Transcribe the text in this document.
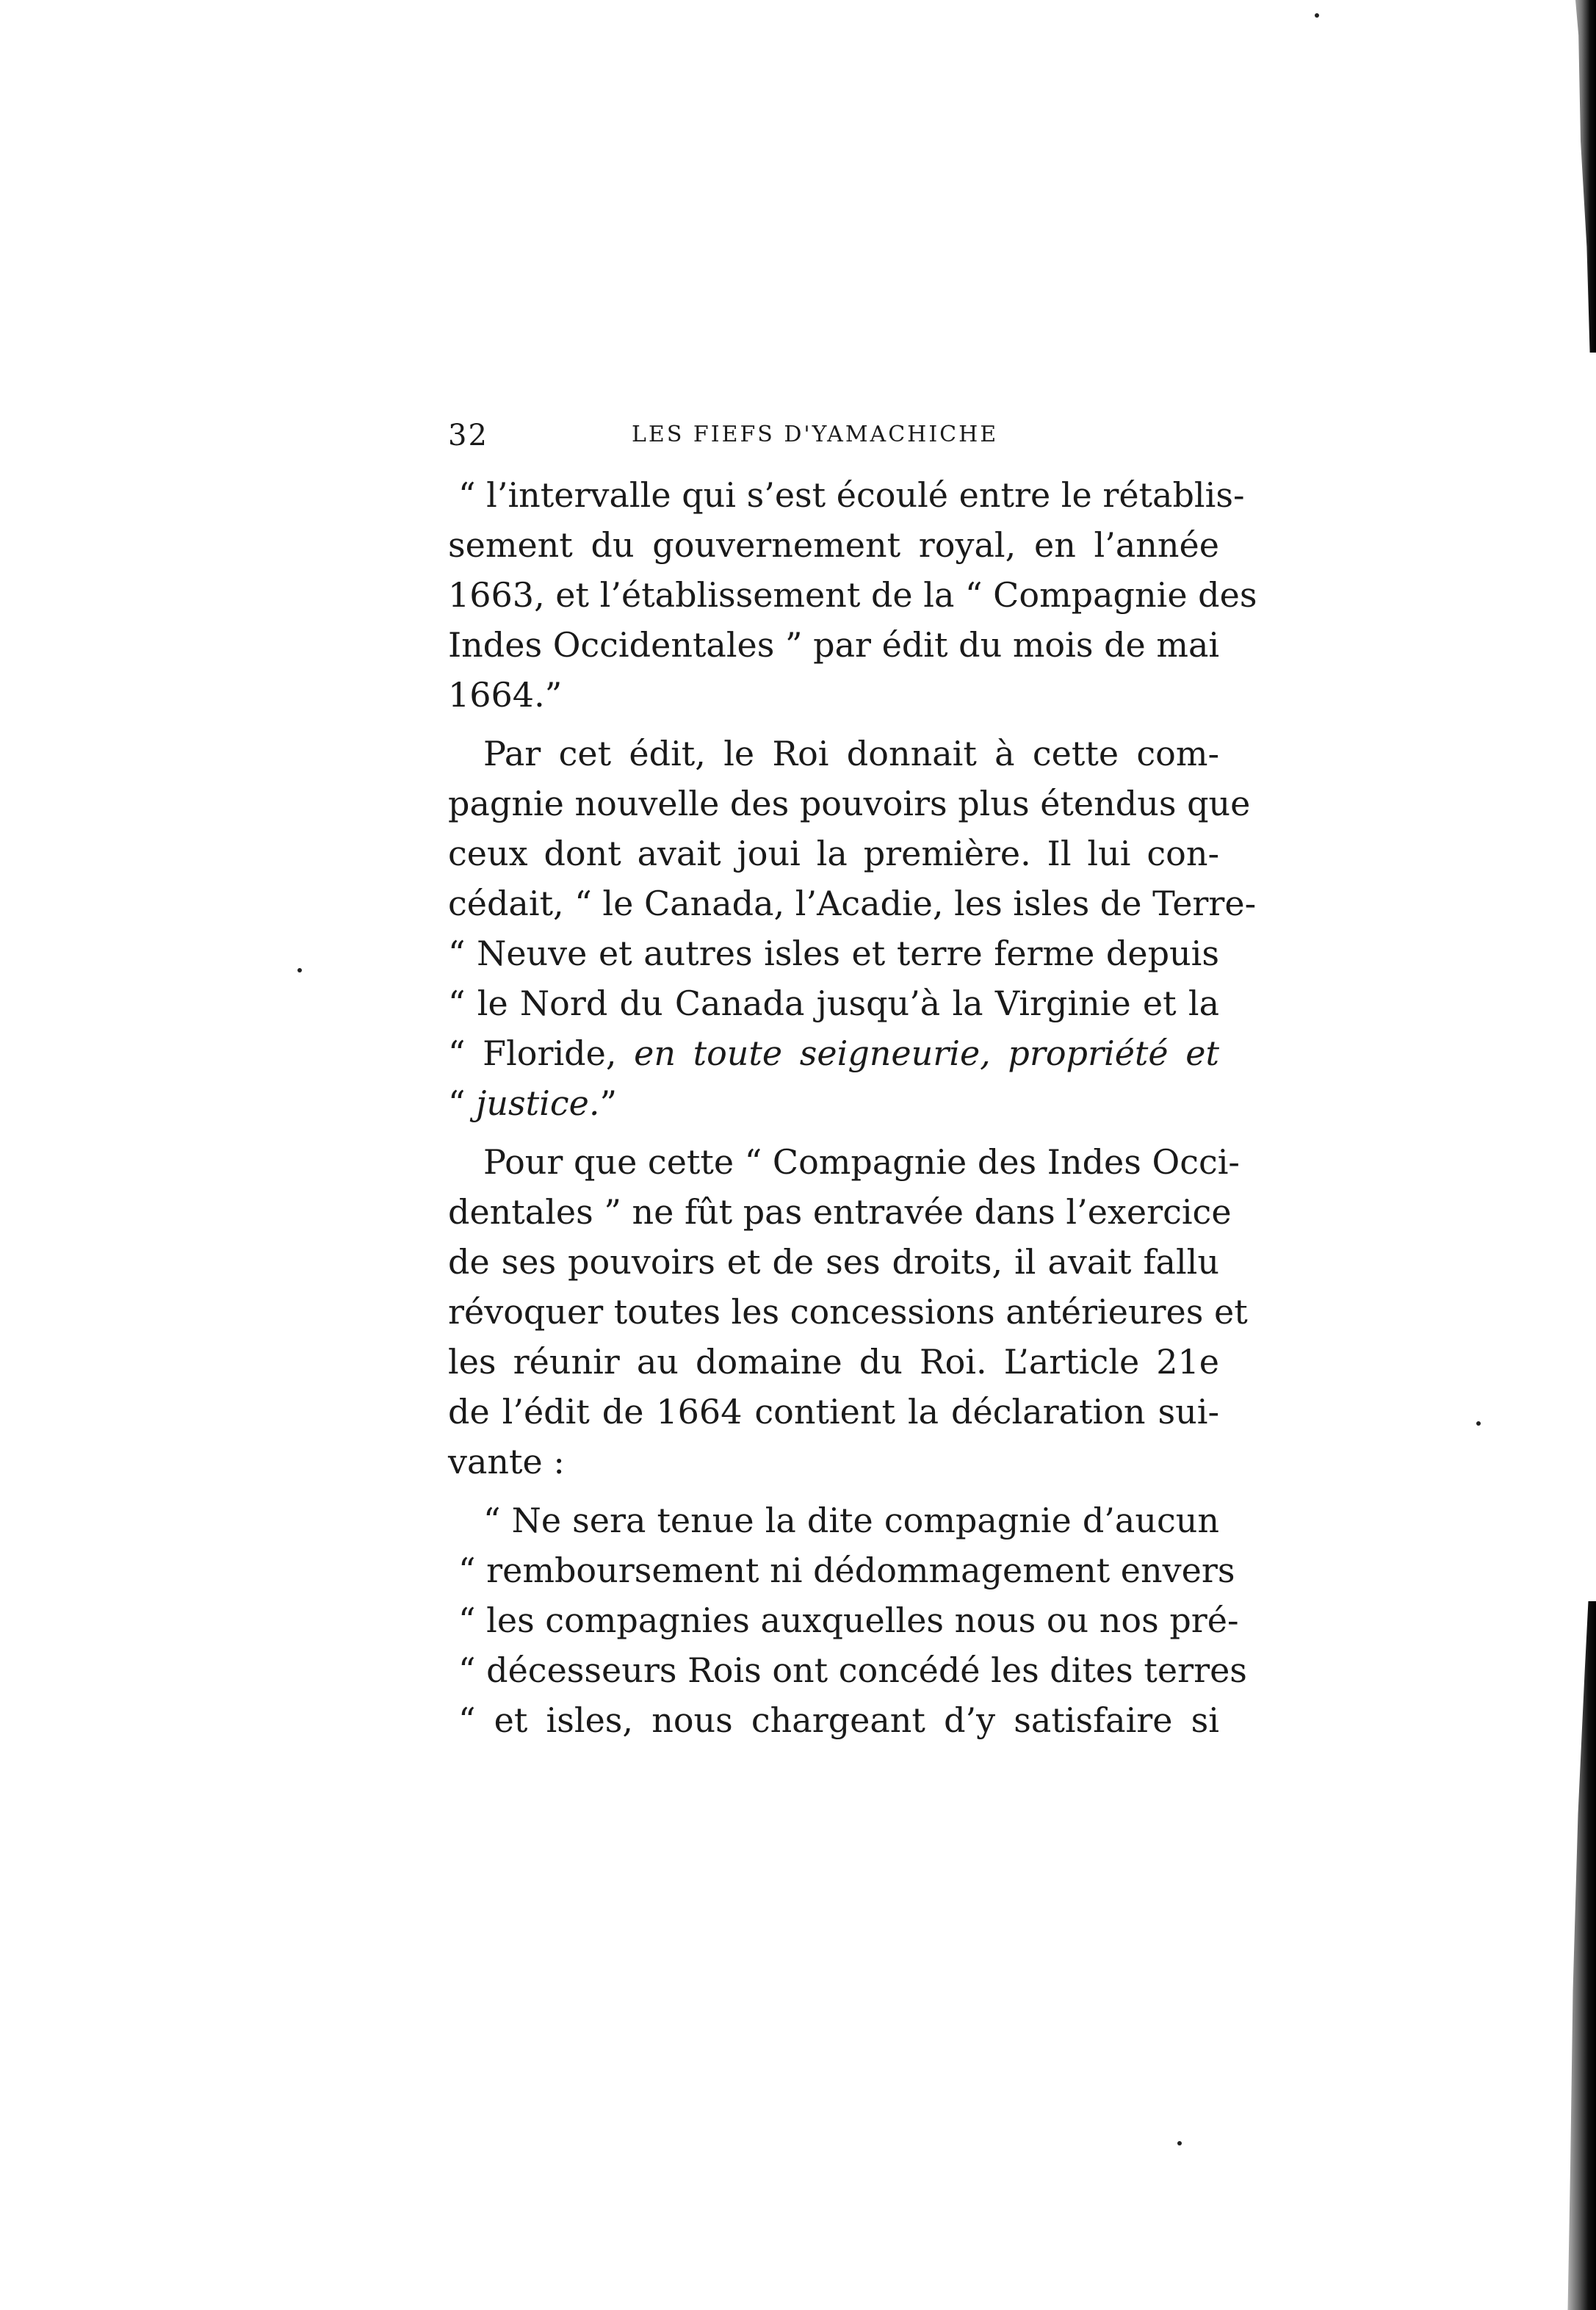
32	LES FIEFS D'YAMACHICHE
“ l’intervalle qui s’est écoulé entre le rétablis-
sement du gouvernement royal, en l’année
1663, et l’établissement de la “ Compagnie des
Indes Occidentales ” par édit du mois de mai
1664.”
Par cet édit, le Roi donnait à cette com-
pagnie nouvelle des pouvoirs plus étendus que
ceux dont avait joui la première. Il lui con-
cédait, “ le Canada, l’Acadie, les isles de Terre-
“ Neuve et autres isles et terre ferme depuis
“ le Nord du Canada jusqu’à la Virginie et la
“ Floride, en toute seigneurie, propriété et
“ justice.”
Pour que cette “ Compagnie des Indes Occi-
dentales ” ne fût pas entravée dans l’exercice
de ses pouvoirs et de ses droits, il avait fallu
révoquer toutes les concessions antérieures et
les réunir au domaine du Roi. L’article 21e
de l’édit de 1664 contient la déclaration sui-
vante :
“ Ne sera tenue la dite compagnie d’aucun
“ remboursement ni dédommagement envers
“ les compagnies auxquelles nous ou nos pré-
“ décesseurs Rois ont concédé les dites terres
“ et isles, nous chargeant d’y satisfaire si
